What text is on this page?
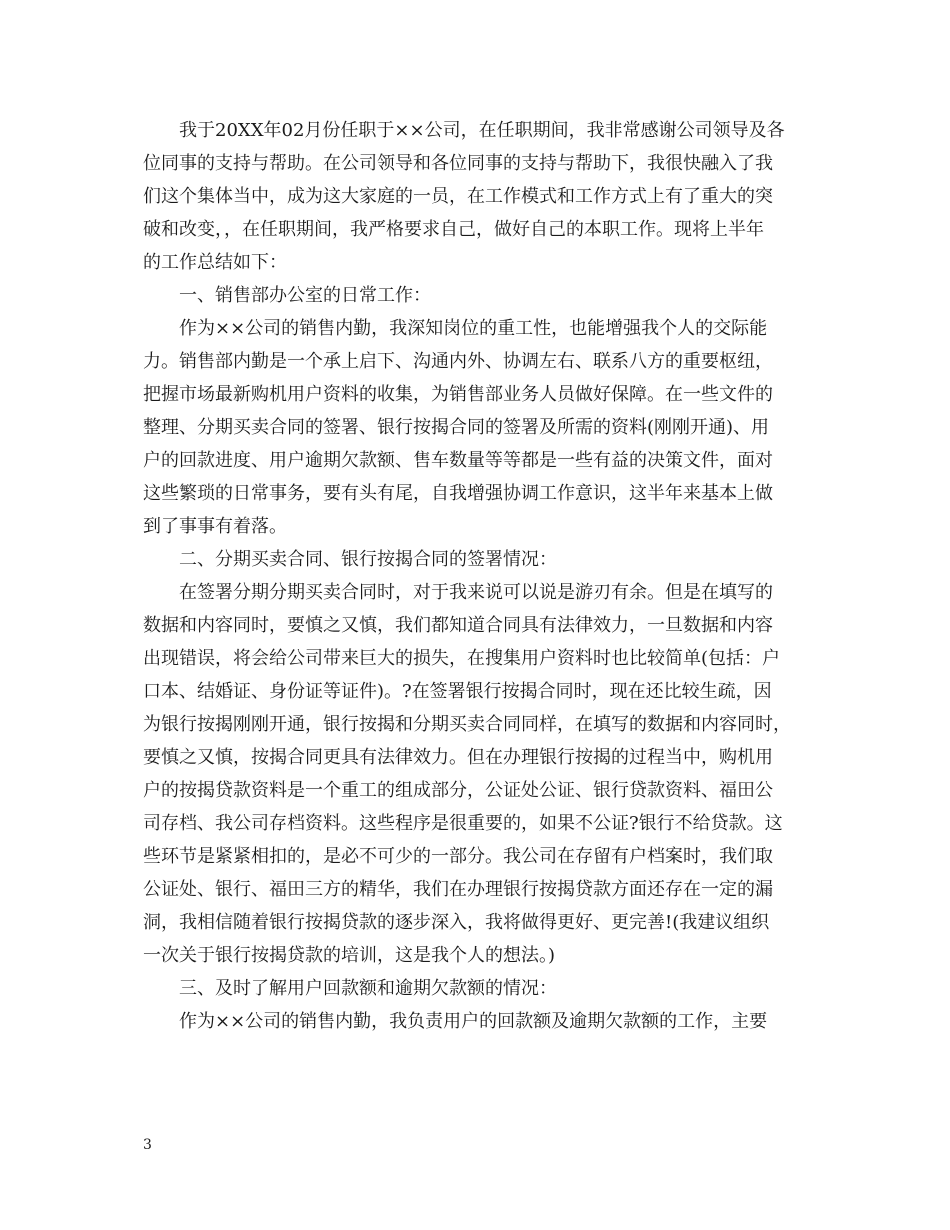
我于20XX年02月份任职于××公司，在任职期间，我非常感谢公司领导及各
位同事的支持与帮助。在公司领导和各位同事的支持与帮助下，我很快融入了我
们这个集体当中，成为这大家庭的一员，在工作模式和工作方式上有了重大的突
破和改变，，在任职期间，我严格要求自己，做好自己的本职工作。现将上半年
的工作总结如下：
一、销售部办公室的日常工作：
作为××公司的销售内勤，我深知岗位的重工性，也能增强我个人的交际能
力。销售部内勤是一个承上启下、沟通内外、协调左右、联系八方的重要枢纽，
把握市场最新购机用户资料的收集，为销售部业务人员做好保障。在一些文件的
整理、分期买卖合同的签署、银行按揭合同的签署及所需的资料(刚刚开通)、用
户的回款进度、用户逾期欠款额、售车数量等等都是一些有益的决策文件，面对
这些繁琐的日常事务，要有头有尾，自我增强协调工作意识，这半年来基本上做
到了事事有着落。
二、分期买卖合同、银行按揭合同的签署情况：
在签署分期分期买卖合同时，对于我来说可以说是游刃有余。但是在填写的
数据和内容同时，要慎之又慎，我们都知道合同具有法律效力，一旦数据和内容
出现错误，将会给公司带来巨大的损失，在搜集用户资料时也比较简单(包括：户
口本、结婚证、身份证等证件)。?在签署银行按揭合同时，现在还比较生疏，因
为银行按揭刚刚开通，银行按揭和分期买卖合同同样，在填写的数据和内容同时，
要慎之又慎，按揭合同更具有法律效力。但在办理银行按揭的过程当中，购机用
户的按揭贷款资料是一个重工的组成部分，公证处公证、银行贷款资料、福田公
司存档、我公司存档资料。这些程序是很重要的，如果不公证?银行不给贷款。这
些环节是紧紧相扣的，是必不可少的一部分。我公司在存留有户档案时，我们取
公证处、银行、福田三方的精华，我们在办理银行按揭贷款方面还存在一定的漏
洞，我相信随着银行按揭贷款的逐步深入，我将做得更好、更完善!(我建议组织
一次关于银行按揭贷款的培训，这是我个人的想法。)
三、及时了解用户回款额和逾期欠款额的情况：
作为××公司的销售内勤，我负责用户的回款额及逾期欠款额的工作，主要
3
